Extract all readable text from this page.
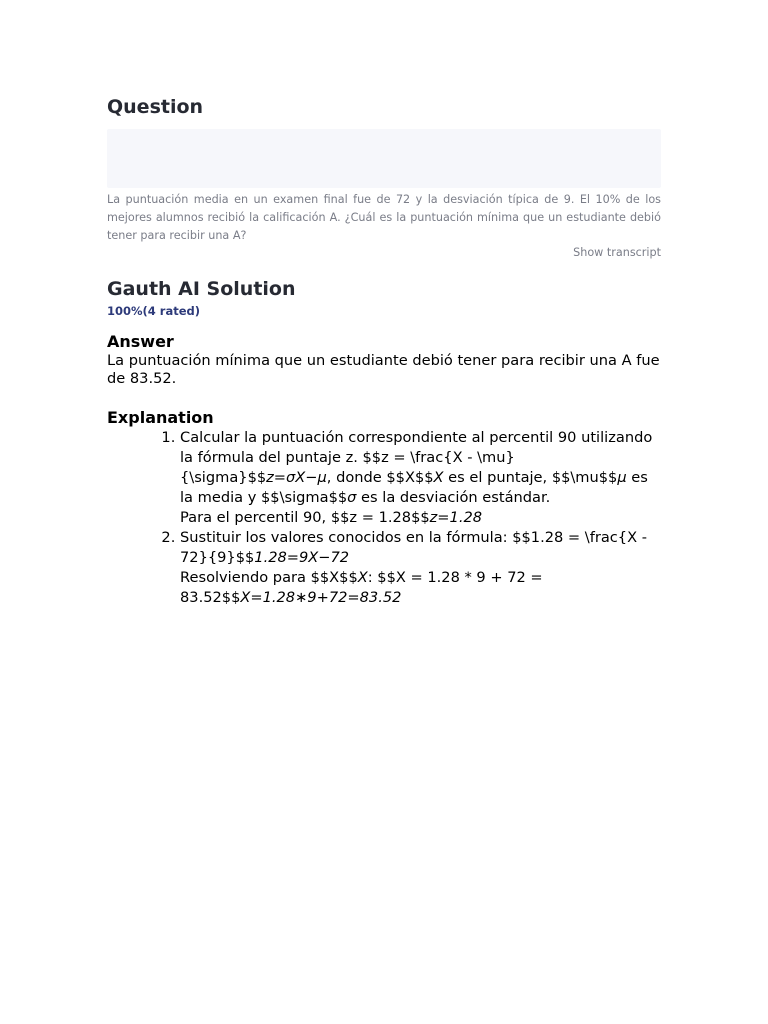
Question
La puntuación media en un examen final fue de 72 y la desviación típica de 9. El 10% de los mejores alumnos recibió la calificación A. ¿Cuál es la puntuación mínima que un estudiante debió tener para recibir una A?
Show transcript
Gauth AI Solution
100%(4 rated)
Answer

La puntuación mínima que un estudiante debió tener para recibir una A fue de 83.52.

Explanation
1. Calcular la puntuación correspondiente al percentil 90 utilizando la fórmula del puntaje z. $$z = \frac{X - \mu}{\sigma}$$z=σX−μ, donde $$X$$X es el puntaje, $$\mu$$μ es la media y $$\sigma$$σ es la desviación estándar.
Para el percentil 90, $$z = 1.28$$z=1.28
2. Sustituir los valores conocidos en la fórmula: $$1.28 = \frac{X - 72}{9}$$1.28=9X−72
Resolviendo para $$X$$X: $$X = 1.28 * 9 + 72 = 83.52$$X=1.28∗9+72=83.52
